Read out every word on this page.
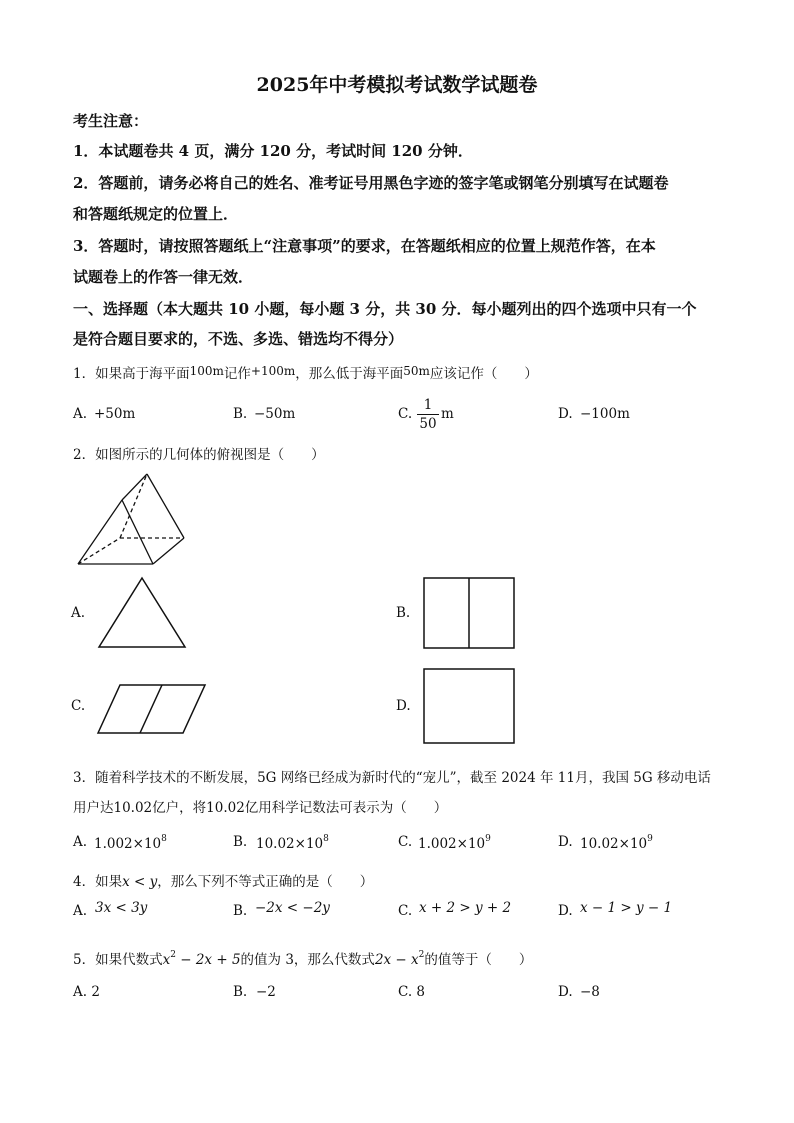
2025年中考模拟考试数学试题卷
考生注意：
1．本试题卷共 4 页，满分 120 分，考试时间 120 分钟．
2．答题前，请务必将自己的姓名、准考证号用黑色字迹的签字笔或钢笔分别填写在试题卷
和答题纸规定的位置上．
3．答题时，请按照答题纸上“注意事项”的要求，在答题纸相应的位置上规范作答，在本
试题卷上的作答一律无效．
一、选择题（本大题共 10 小题，每小题 3 分，共 30 分．每小题列出的四个选项中只有一个
是符合题目要求的，不选、多选、错选均不得分）
1．如果高于海平面100m记作+100m，那么低于海平面50m应该记作（　　）
A. +50m	B. −50m	C.
1
50
m	D. −100m
2．如图所示的几何体的俯视图是（　　）
A.	B.
C.	D.
3．随着科学技术的不断发展，5G 网络已经成为新时代的“宠儿”，截至 2024 年 11月，我国 5G 移动电话
用户达10.02亿户，将10.02亿用科学记数法可表示为（　　）
A. $1.002\times 10^8$	B. $10.02\times 10^8$	C. $1.002\times 10^9$	D. $10.02\times 10^9$
4．如果x < y，那么下列不等式正确的是（　　）
A. 3x < 3y	B. −2x < −2y	C. x + 2 > y + 2	D. x − 1 > y − 1
5．如果代数式$x^2 - 2x + 5$的值为 3，那么代数式$2x - x^2$的值等于（　　）
A. 2	B. −2	C. 8	D. −8
